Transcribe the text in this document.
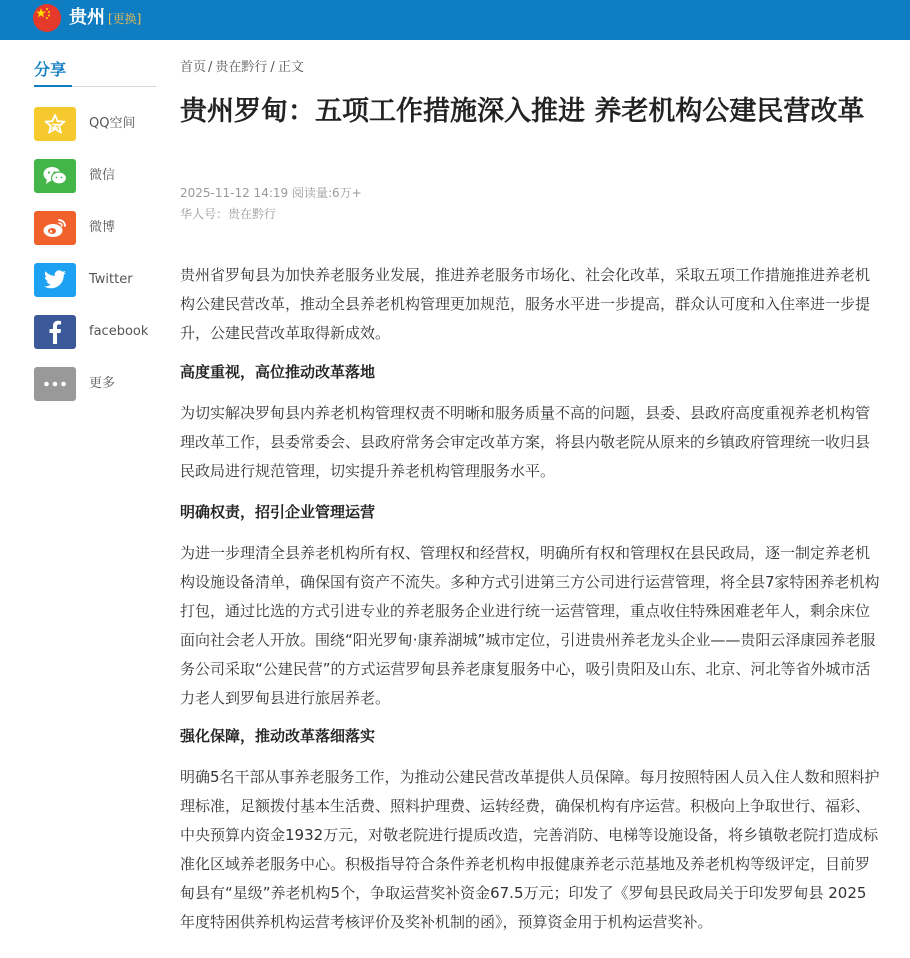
贵州 [更换]
分享
QQ空间
微信
微博
Twitter
facebook
更多
首页 / 贵在黔行 / 正文
贵州罗甸：五项工作措施深入推进 养老机构公建民营改革
2025-11-12 14:19 阅读量:6万+
华人号：贵在黔行

贵州省罗甸县为加快养老服务业发展，推进养老服务市场化、社会化改革，采取五项工作措施推进养老机构公建民营改革，推动全县养老机构管理更加规范，服务水平进一步提高，群众认可度和入住率进一步提升，公建民营改革取得新成效。

高度重视，高位推动改革落地

为切实解决罗甸县内养老机构管理权责不明晰和服务质量不高的问题，县委、县政府高度重视养老机构管理改革工作，县委常委会、县政府常务会审定改革方案，将县内敬老院从原来的乡镇政府管理统一收归县民政局进行规范管理，切实提升养老机构管理服务水平。

明确权责，招引企业管理运营

为进一步理清全县养老机构所有权、管理权和经营权，明确所有权和管理权在县民政局，逐一制定养老机构设施设备清单，确保国有资产不流失。多种方式引进第三方公司进行运营管理，将全县7家特困养老机构打包，通过比选的方式引进专业的养老服务企业进行统一运营管理，重点收住特殊困难老年人，剩余床位面向社会老人开放。围绕“阳光罗甸·康养湖城”城市定位，引进贵州养老龙头企业——贵阳云泽康园养老服务公司采取“公建民营”的方式运营罗甸县养老康复服务中心，吸引贵阳及山东、北京、河北等省外城市活力老人到罗甸县进行旅居养老。

强化保障，推动改革落细落实

明确5名干部从事养老服务工作，为推动公建民营改革提供人员保障。每月按照特困人员入住人数和照料护理标准，足额拨付基本生活费、照料护理费、运转经费，确保机构有序运营。积极向上争取世行、福彩、中央预算内资金1932万元，对敬老院进行提质改造，完善消防、电梯等设施设备，将乡镇敬老院打造成标准化区域养老服务中心。积极指导符合条件养老机构申报健康养老示范基地及养老机构等级评定，目前罗甸县有“星级”养老机构5个，争取运营奖补资金67.5万元；印发了《罗甸县民政局关于印发罗甸县 2025 年度特困供养机构运营考核评价及奖补机制的函》，预算资金用于机构运营奖补。
